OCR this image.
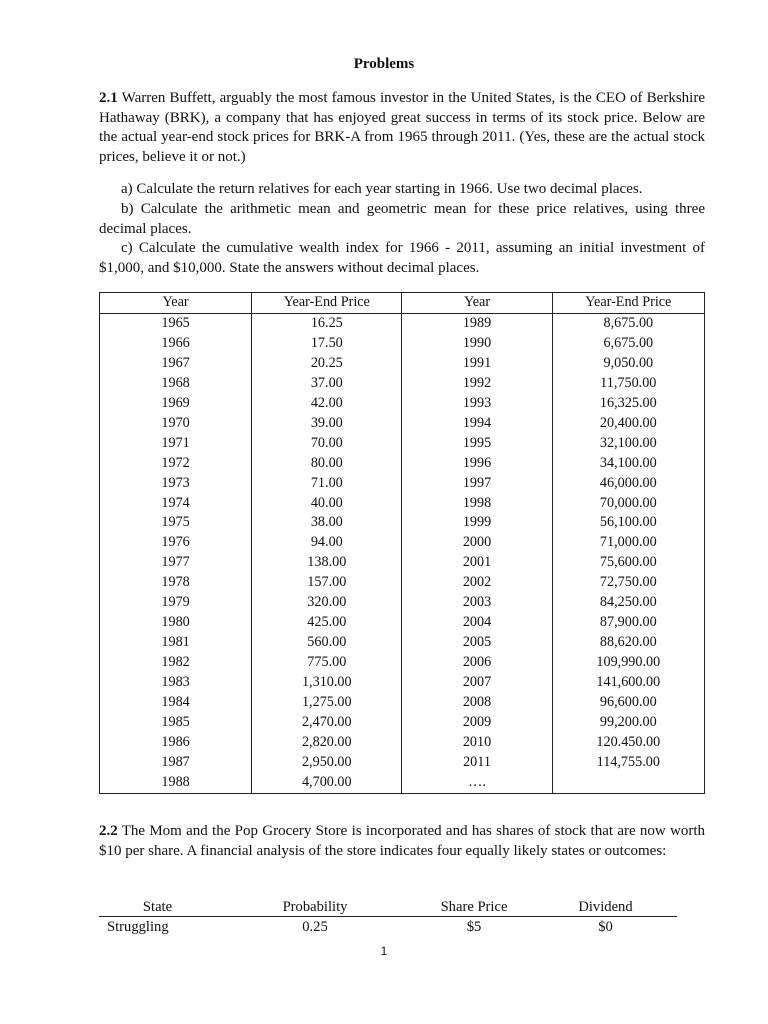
Problems

2.1 Warren Buffett, arguably the most famous investor in the United States, is the CEO of Berkshire Hathaway (BRK), a company that has enjoyed great success in terms of its stock price. Below are the actual year-end stock prices for BRK-A from 1965 through 2011. (Yes, these are the actual stock prices, believe it or not.)

a) Calculate the return relatives for each year starting in 1966. Use two decimal places.

b) Calculate the arithmetic mean and geometric mean for these price relatives, using three decimal places.

c) Calculate the cumulative wealth index for 1966 - 2011, assuming an initial investment of $1,000, and $10,000. State the answers without decimal places.

Year	Year-End Price	Year	Year-End Price
1965	16.25	1989	8,675.00
1966	17.50	1990	6,675.00
1967	20.25	1991	9,050.00
1968	37.00	1992	11,750.00
1969	42.00	1993	16,325.00
1970	39.00	1994	20,400.00
1971	70.00	1995	32,100.00
1972	80.00	1996	34,100.00
1973	71.00	1997	46,000.00
1974	40.00	1998	70,000.00
1975	38.00	1999	56,100.00
1976	94.00	2000	71,000.00
1977	138.00	2001	75,600.00
1978	157.00	2002	72,750.00
1979	320.00	2003	84,250.00
1980	425.00	2004	87,900.00
1981	560.00	2005	88,620.00
1982	775.00	2006	109,990.00
1983	1,310.00	2007	141,600.00
1984	1,275.00	2008	96,600.00
1985	2,470.00	2009	99,200.00
1986	2,820.00	2010	120.450.00
1987	2,950.00	2011	114,755.00
1988	4,700.00	….	

2.2 The Mom and the Pop Grocery Store is incorporated and has shares of stock that are now worth $10 per share. A financial analysis of the store indicates four equally likely states or outcomes:

State	Probability	Share Price	Dividend
Struggling	0.25	$5	$0
1
